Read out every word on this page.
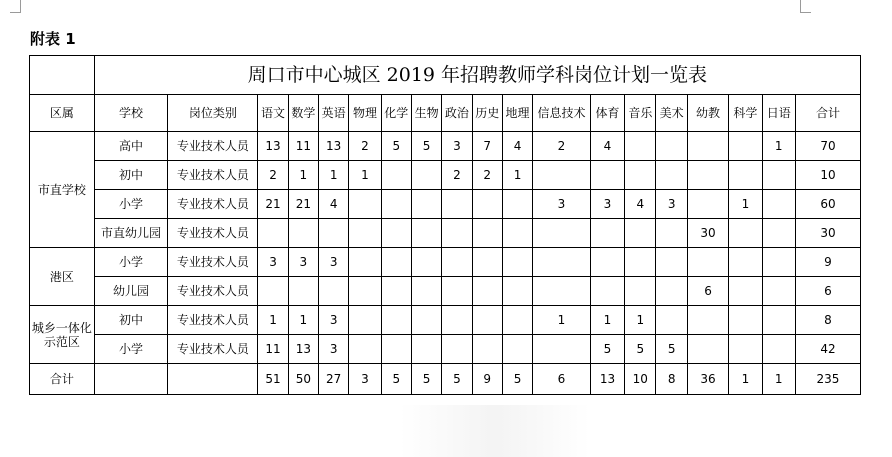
附表 1
	周口市中心城区 2019 年招聘教师学科岗位计划一览表																		
区属	学校	岗位类别	语文	数学	英语	物理	化学	生物	政治	历史	地理	信息技术	体育	音乐	美术	幼教	科学	日语	合计
市直学校	高中	专业技术人员	13	11	13	2	5	5	3	7	4	2	4					1	70
	初中	专业技术人员	2	1	1	1			2	2	1								10
	小学	专业技术人员	21	21	4							3	3	4	3		1		60
	市直幼儿园	专业技术人员														30			30
港区	小学	专业技术人员	3	3	3														9
	幼儿园	专业技术人员														6			6
城乡一体化示范区	初中	专业技术人员	1	1	3							1	1	1					8
	小学	专业技术人员	11	13	3								5	5	5				42
合计			51	50	27	3	5	5	5	9	5	6	13	10	8	36	1	1	235
